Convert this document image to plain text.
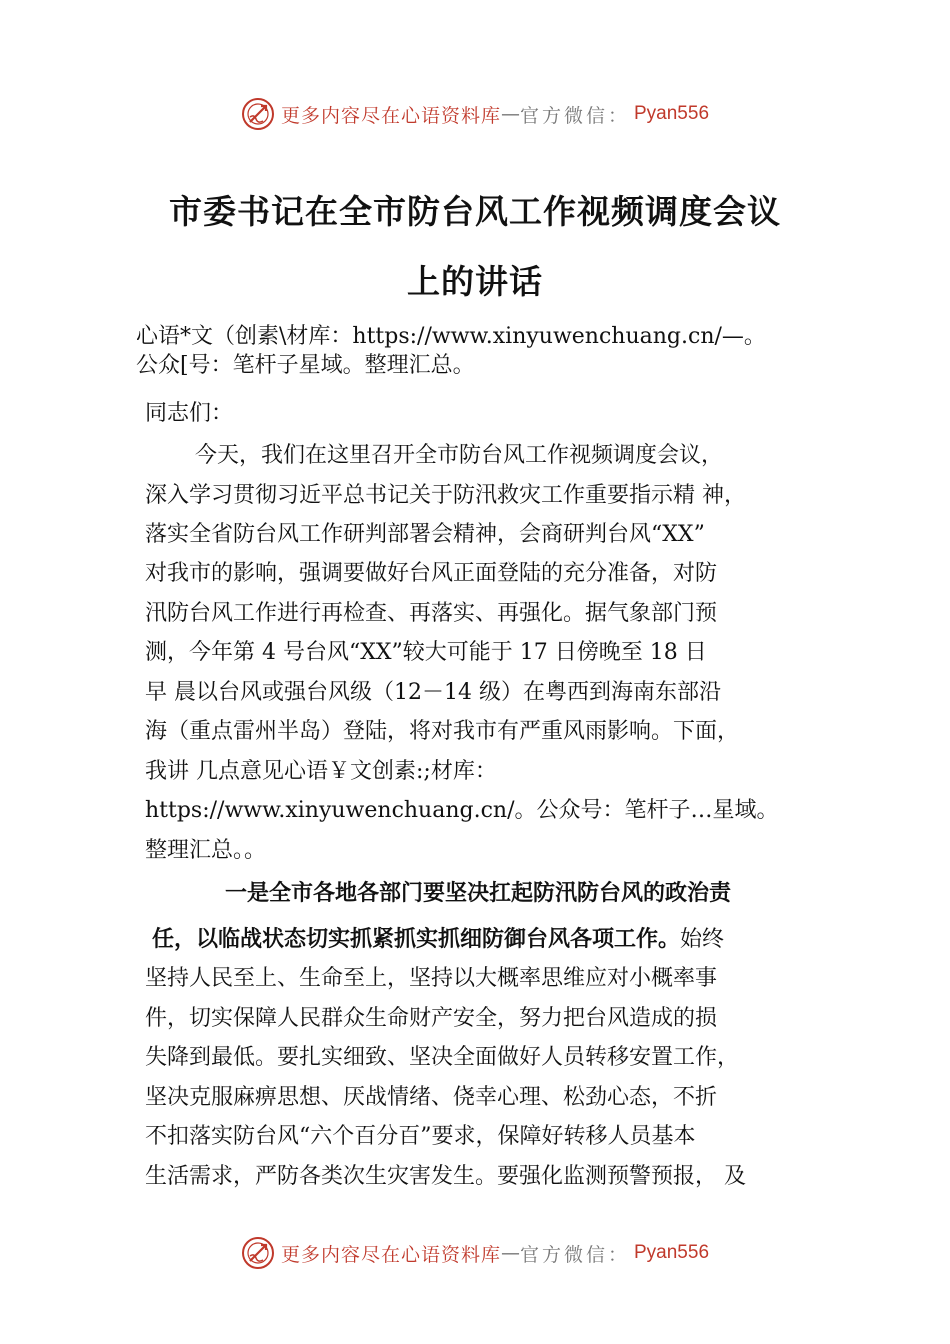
更多内容尽在心语资料库 — 官方微信： Pyan556
市委书记在全市防台风工作视频调度会议
上的讲话
心语*文（创素\材库：https://www.xinyuwenchuang.cn/—。
公众[号：笔杆子星域。整理汇总。
同志们：
今天，我们在这里召开全市防台风工作视频调度会议，
深入学习贯彻习近平总书记关于防汛救灾工作重要指示精 神，
落实全省防台风工作研判部署会精神，会商研判台风“XX”
对我市的影响，强调要做好台风正面登陆的充分准备，对防
汛防台风工作进行再检查、再落实、再强化。据气象部门预
测，今年第 4 号台风“XX”较大可能于 17 日傍晚至 18 日
早 晨以台风或强台风级（12－14 级）在粤西到海南东部沿
海（重点雷州半岛）登陆，将对我市有严重风雨影响。下面，
我讲 几点意见心语￥文创素:;材库：
https://www.xinyuwenchuang.cn/。公众号：笔杆子…星域。
整理汇总。。
一是全市各地各部门要坚决扛起防汛防台风的政治责
任，以临战状态切实抓紧抓实抓细防御台风各项工作。始终
坚持人民至上、生命至上，坚持以大概率思维应对小概率事
件，切实保障人民群众生命财产安全，努力把台风造成的损
失降到最低。要扎实细致、坚决全面做好人员转移安置工作，
坚决克服麻痹思想、厌战情绪、侥幸心理、松劲心态，不折
不扣落实防台风“六个百分百”要求，保障好转移人员基本
生活需求，严防各类次生灾害发生。要强化监测预警预报， 及
更多内容尽在心语资料库 — 官方微信： Pyan556
